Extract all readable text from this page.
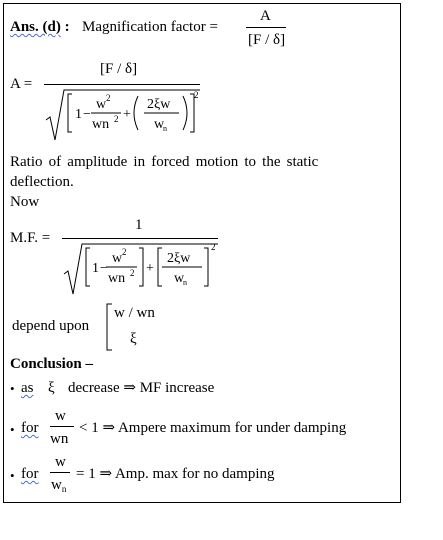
Ans. (d) : Magnification factor =
A
[F / δ]
A =
[F / δ]
1 −
w 2
wn 2 +
2ξw
w
n
2
Ratio of amplitude in forced motion to the static
deflection.
Now
M.F. =
1
1 −
w 2
wn 2 +
2ξw
w
n
2
depend upon
w / wn
ξ
Conclusion –
• as ξ decrease ⇒ MF increase
• for
w
wn
< 1 ⇒ Ampere maximum for under damping
• for
w
$w_n$
= 1 ⇒ Amp. max for no damping
